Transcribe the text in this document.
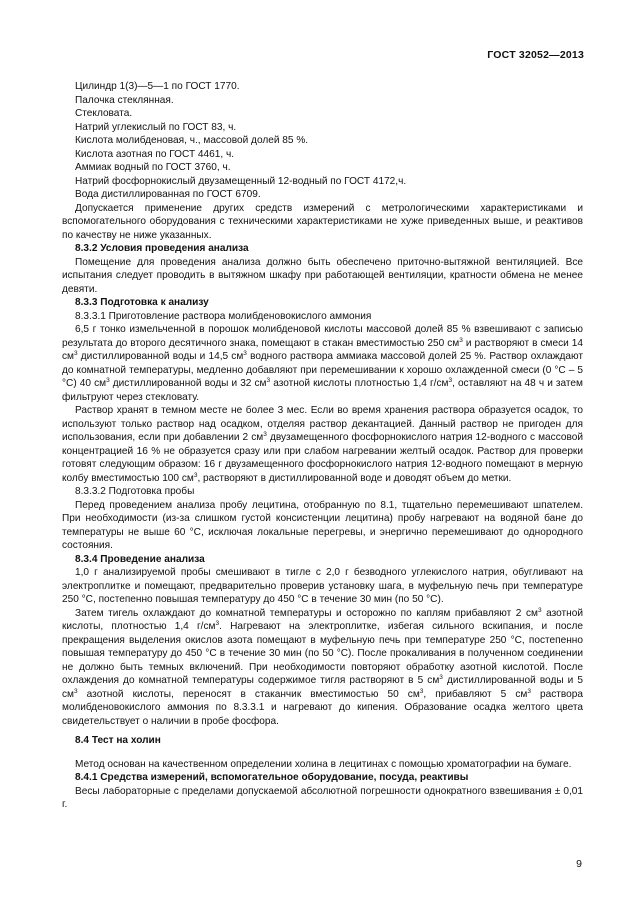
ГОСТ 32052—2013

Цилиндр 1(3)—5—1 по ГОСТ 1770.

Палочка стеклянная.

Стекловата.

Натрий углекислый по ГОСТ 83, ч.

Кислота молибденовая, ч., массовой долей 85 %.

Кислота азотная по ГОСТ 4461, ч.

Аммиак водный по ГОСТ 3760, ч.

Натрий фосфорнокислый двузамещенный 12-водный по ГОСТ 4172,ч.

Вода дистиллированная по ГОСТ 6709.

Допускается применение других средств измерений с метрологическими характеристиками и вспомогательного оборудования с техническими характеристиками не хуже приведенных выше, и реактивов по качеству не ниже указанных.

8.3.2 Условия проведения анализа

Помещение для проведения анализа должно быть обеспечено приточно-вытяжной вентиляцией. Все испытания следует проводить в вытяжном шкафу при работающей вентиляции, кратности обмена не менее девяти.

8.3.3 Подготовка к анализу

8.3.3.1 Приготовление раствора молибденовокислого аммония

6,5 г тонко измельченной в порошок молибденовой кислоты массовой долей 85 % взвешивают с записью результата до второго десятичного знака, помещают в стакан вместимостью 250 $см^3$ и растворяют в смеси 14 $см^3$ дистиллированной воды и 14,5 $см^3$ водного раствора аммиака массовой долей 25 %. Раствор охлаждают до комнатной температуры, медленно добавляют при перемешивании к хорошо охлажденной смеси (0 °С – 5 °С) 40 $см^3$ дистиллированной воды и 32 $см^3$ азотной кислоты плотностью 1,4 $г/см^3$, оставляют на 48 ч и затем фильтруют через стекловату.

Раствор хранят в темном месте не более 3 мес. Если во время хранения раствора образуется осадок, то используют только раствор над осадком, отделяя раствор декантацией. Данный раствор не пригоден для использования, если при добавлении 2 $см^3$ двузамещенного фосфорнокислого натрия 12-водного с массовой концентрацией 16 % не образуется сразу или при слабом нагревании желтый осадок. Раствор для проверки готовят следующим образом: 16 г двузамещенного фосфорнокислого натрия 12-водного помещают в мерную колбу вместимостью 100 $см^3$, растворяют в дистиллированной воде и доводят объем до метки.

8.3.3.2 Подготовка пробы

Перед проведением анализа пробу лецитина, отобранную по 8.1, тщательно перемешивают шпателем. При необходимости (из-за слишком густой консистенции лецитина) пробу нагревают на водяной бане до температуры не выше 60 °С, исключая локальные перегревы, и энергично перемешивают до однородного состояния.

8.3.4 Проведение анализа

1,0 г анализируемой пробы смешивают в тигле с 2,0 г безводного углекислого натрия, обугливают на электроплитке и помещают, предварительно проверив установку шага, в муфельную печь при температуре 250 °С, постепенно повышая температуру до 450 °С в течение 30 мин (по 50 °С).

Затем тигель охлаждают до комнатной температуры и осторожно по каплям прибавляют 2 $см^3$ азотной кислоты, плотностью 1,4 $г/см^3$. Нагревают на электроплитке, избегая сильного вскипания, и после прекращения выделения окислов азота помещают в муфельную печь при температуре 250 °С, постепенно повышая температуру до 450 °С в течение 30 мин (по 50 °С). После прокаливания в полученном соединении не должно быть темных включений. При необходимости повторяют обработку азотной кислотой. После охлаждения до комнатной температуры содержимое тигля растворяют в 5 $см^3$ дистиллированной воды и 5 $см^3$ азотной кислоты, переносят в стаканчик вместимостью 50 $см^3$, прибавляют 5 $см^3$ раствора молибденовокислого аммония по 8.3.3.1 и нагревают до кипения. Образование осадка желтого цвета свидетельствует о наличии в пробе фосфора.

8.4 Тест на холин

Метод основан на качественном определении холина в лецитинах с помощью хроматографии на бумаге.

8.4.1 Средства измерений, вспомогательное оборудование, посуда, реактивы

Весы лабораторные с пределами допускаемой абсолютной погрешности однократного взвешивания ± 0,01 г.

9
